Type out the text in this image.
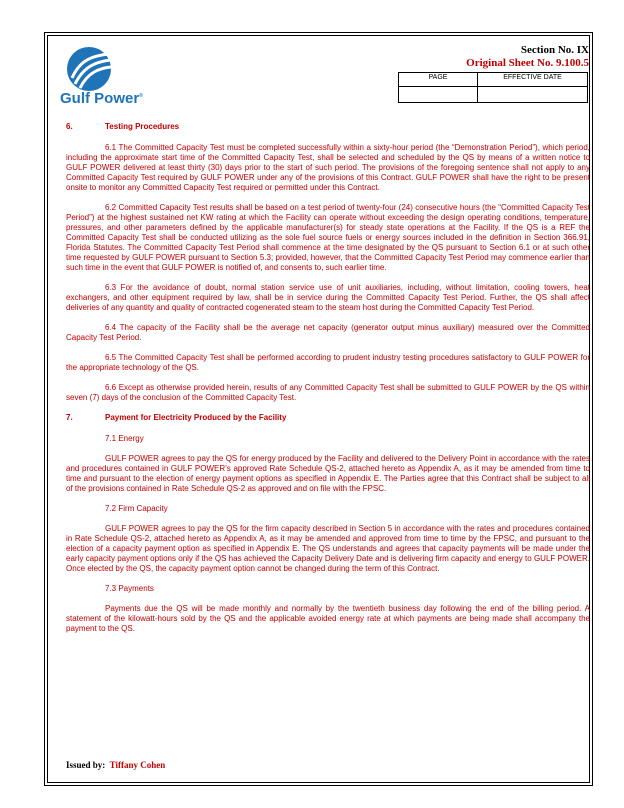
Gulf Power®
Section No. IX
Original Sheet No. 9.100.5
PAGE	EFFECTIVE DATE

6.	Testing Procedures

6.1 The Committed Capacity Test must be completed successfully within a sixty-hour period (the “Demonstration Period”), which period, including the approximate start time of the Committed Capacity Test, shall be selected and scheduled by the QS by means of a written notice to GULF POWER delivered at least thirty (30) days prior to the start of such period. The provisions of the foregoing sentence shall not apply to any Committed Capacity Test required by GULF POWER under any of the provisions of this Contract. GULF POWER shall have the right to be present onsite to monitor any Committed Capacity Test required or permitted under this Contract.

6.2 Committed Capacity Test results shall be based on a test period of twenty-four (24) consecutive hours (the “Committed Capacity Test Period”) at the highest sustained net KW rating at which the Facility can operate without exceeding the design operating conditions, temperature, pressures, and other parameters defined by the applicable manufacturer(s) for steady state operations at the Facility. If the QS is a REF the Committed Capacity Test shall be conducted utilizing as the sole fuel source fuels or energy sources included in the definition in Section 366.91, Florida Statutes. The Committed Capacity Test Period shall commence at the time designated by the QS pursuant to Section 6.1 or at such other time requested by GULF POWER pursuant to Section 5.3; provided, however, that the Committed Capacity Test Period may commence earlier than such time in the event that GULF POWER is notified of, and consents to, such earlier time.

6.3 For the avoidance of doubt, normal station service use of unit auxiliaries, including, without limitation, cooling towers, heat exchangers, and other equipment required by law, shall be in service during the Committed Capacity Test Period. Further, the QS shall affect deliveries of any quantity and quality of contracted cogenerated steam to the steam host during the Committed Capacity Test Period.

6.4 The capacity of the Facility shall be the average net capacity (generator output minus auxiliary) measured over the Committed Capacity Test Period.

6.5 The Committed Capacity Test shall be performed according to prudent industry testing procedures satisfactory to GULF POWER for the appropriate technology of the QS.

6.6 Except as otherwise provided herein, results of any Committed Capacity Test shall be submitted to GULF POWER by the QS within seven (7) days of the conclusion of the Committed Capacity Test.

7.	Payment for Electricity Produced by the Facility

7.1 Energy

GULF POWER agrees to pay the QS for energy produced by the Facility and delivered to the Delivery Point in accordance with the rates and procedures contained in GULF POWER’s approved Rate Schedule QS-2, attached hereto as Appendix A, as it may be amended from time to time and pursuant to the election of energy payment options as specified in Appendix E. The Parties agree that this Contract shall be subject to all of the provisions contained in Rate Schedule QS-2 as approved and on file with the FPSC.

7.2 Firm Capacity

GULF POWER agrees to pay the QS for the firm capacity described in Section 5 in accordance with the rates and procedures contained in Rate Schedule QS-2, attached hereto as Appendix A, as it may be amended and approved from time to time by the FPSC, and pursuant to the election of a capacity payment option as specified in Appendix E. The QS understands and agrees that capacity payments will be made under the early capacity payment options only if the QS has achieved the Capacity Delivery Date and is delivering firm capacity and energy to GULF POWER. Once elected by the QS, the capacity payment option cannot be changed during the term of this Contract.

7.3 Payments

Payments due the QS will be made monthly and normally by the twentieth business day following the end of the billing period. A statement of the kilowatt-hours sold by the QS and the applicable avoided energy rate at which payments are being made shall accompany the payment to the QS.

Issued by: Tiffany Cohen
